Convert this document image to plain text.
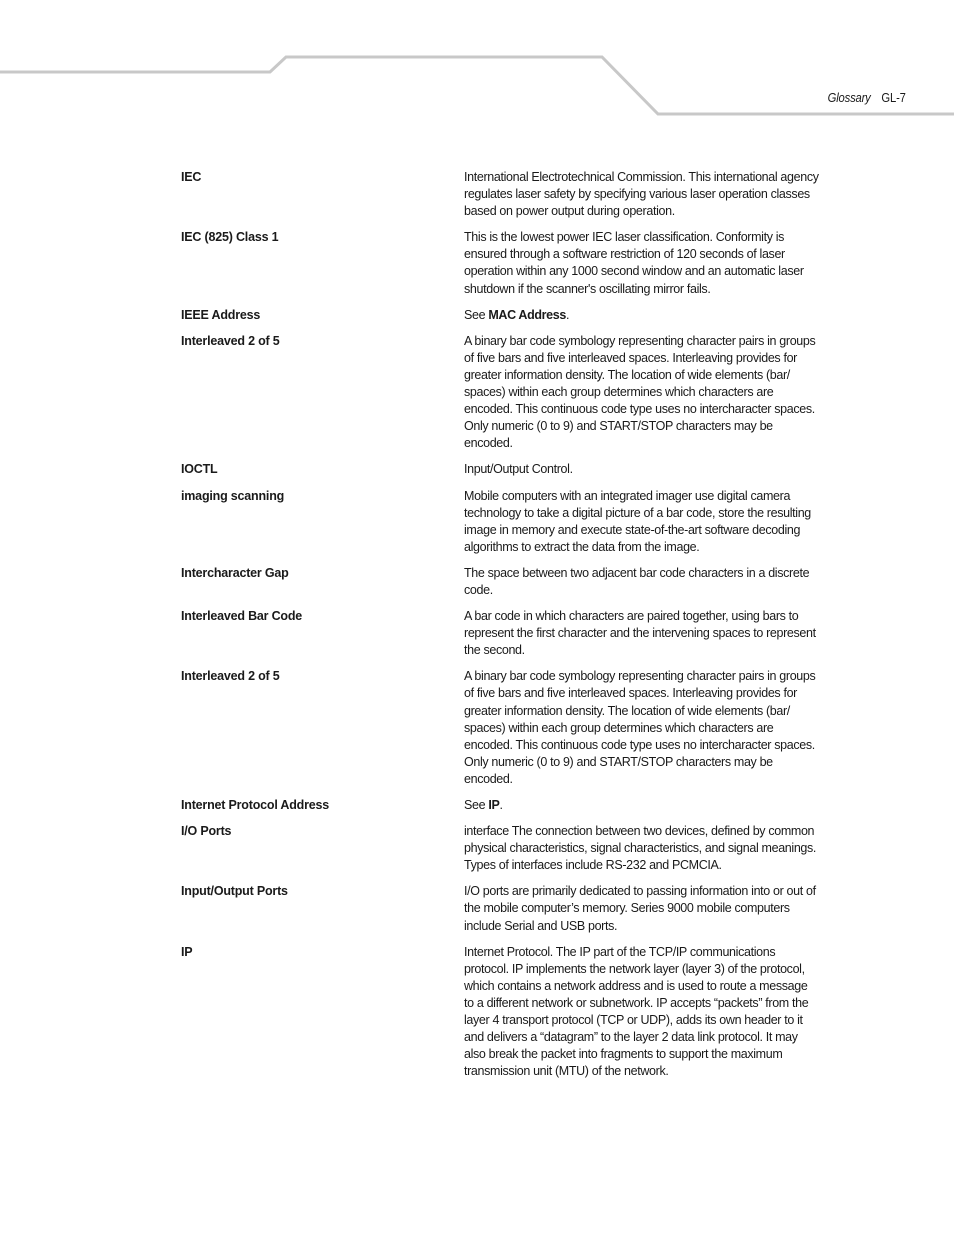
Glossary GL-7
IEC	International Electrotechnical Commission. This international agency regulates laser safety by specifying various laser operation classes based on power output during operation.
IEC (825) Class 1	This is the lowest power IEC laser classification. Conformity is ensured through a software restriction of 120 seconds of laser operation within any 1000 second window and an automatic laser shutdown if the scanner's oscillating mirror fails.
IEEE Address	See MAC Address.
Interleaved 2 of 5	A binary bar code symbology representing character pairs in groups of five bars and five interleaved spaces. Interleaving provides for greater information density. The location of wide elements (bar/ spaces) within each group determines which characters are encoded. This continuous code type uses no intercharacter spaces. Only numeric (0 to 9) and START/STOP characters may be encoded.
IOCTL	Input/Output Control.
imaging scanning	Mobile computers with an integrated imager use digital camera technology to take a digital picture of a bar code, store the resulting image in memory and execute state-of-the-art software decoding algorithms to extract the data from the image.
Intercharacter Gap	The space between two adjacent bar code characters in a discrete code.
Interleaved Bar Code	A bar code in which characters are paired together, using bars to represent the first character and the intervening spaces to represent the second.
Interleaved 2 of 5	A binary bar code symbology representing character pairs in groups of five bars and five interleaved spaces. Interleaving provides for greater information density. The location of wide elements (bar/ spaces) within each group determines which characters are encoded. This continuous code type uses no intercharacter spaces. Only numeric (0 to 9) and START/STOP characters may be encoded.
Internet Protocol Address	See IP.
I/O Ports	interface The connection between two devices, defined by common physical characteristics, signal characteristics, and signal meanings. Types of interfaces include RS-232 and PCMCIA.
Input/Output Ports	I/O ports are primarily dedicated to passing information into or out of the mobile computer’s memory. Series 9000 mobile computers include Serial and USB ports.
IP	Internet Protocol. The IP part of the TCP/IP communications protocol. IP implements the network layer (layer 3) of the protocol, which contains a network address and is used to route a message to a different network or subnetwork. IP accepts “packets” from the layer 4 transport protocol (TCP or UDP), adds its own header to it and delivers a “datagram” to the layer 2 data link protocol. It may also break the packet into fragments to support the maximum transmission unit (MTU) of the network.
